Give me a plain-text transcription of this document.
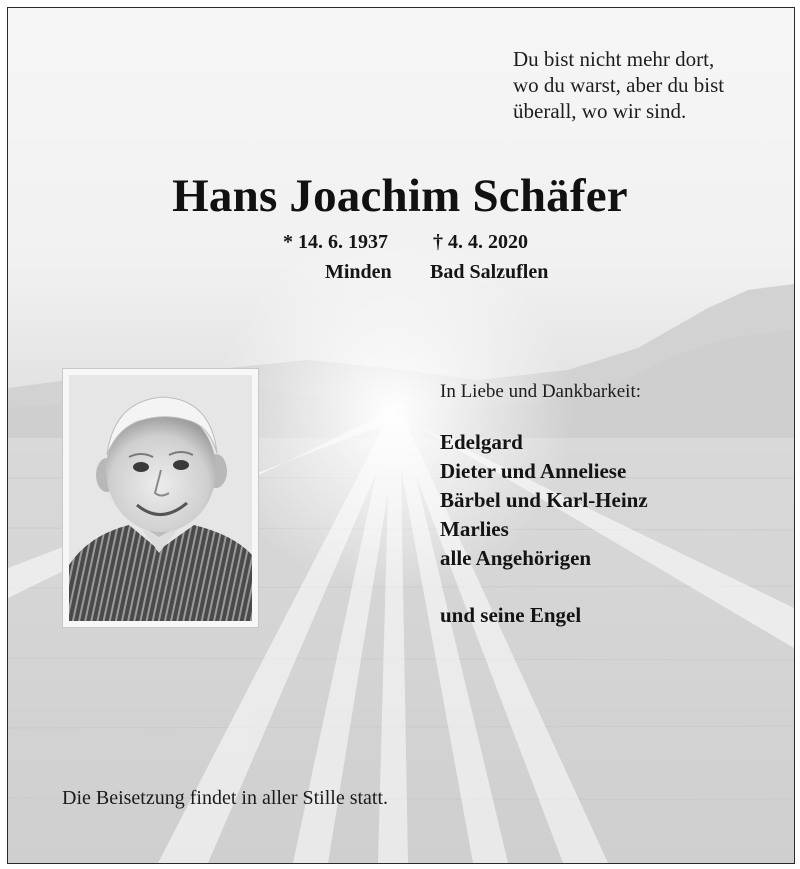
Du bist nicht mehr dort,
wo du warst, aber du bist
überall, wo wir sind.

Hans Joachim Schäfer
* 14. 6. 1937 † 4. 4. 2020
Minden Bad Salzuflen
In Liebe und Dankbarkeit:
Edelgard
Dieter und Anneliese
Bärbel und Karl-Heinz
Marlies
alle Angehörigen
und seine Engel
Die Beisetzung findet in aller Stille statt.
